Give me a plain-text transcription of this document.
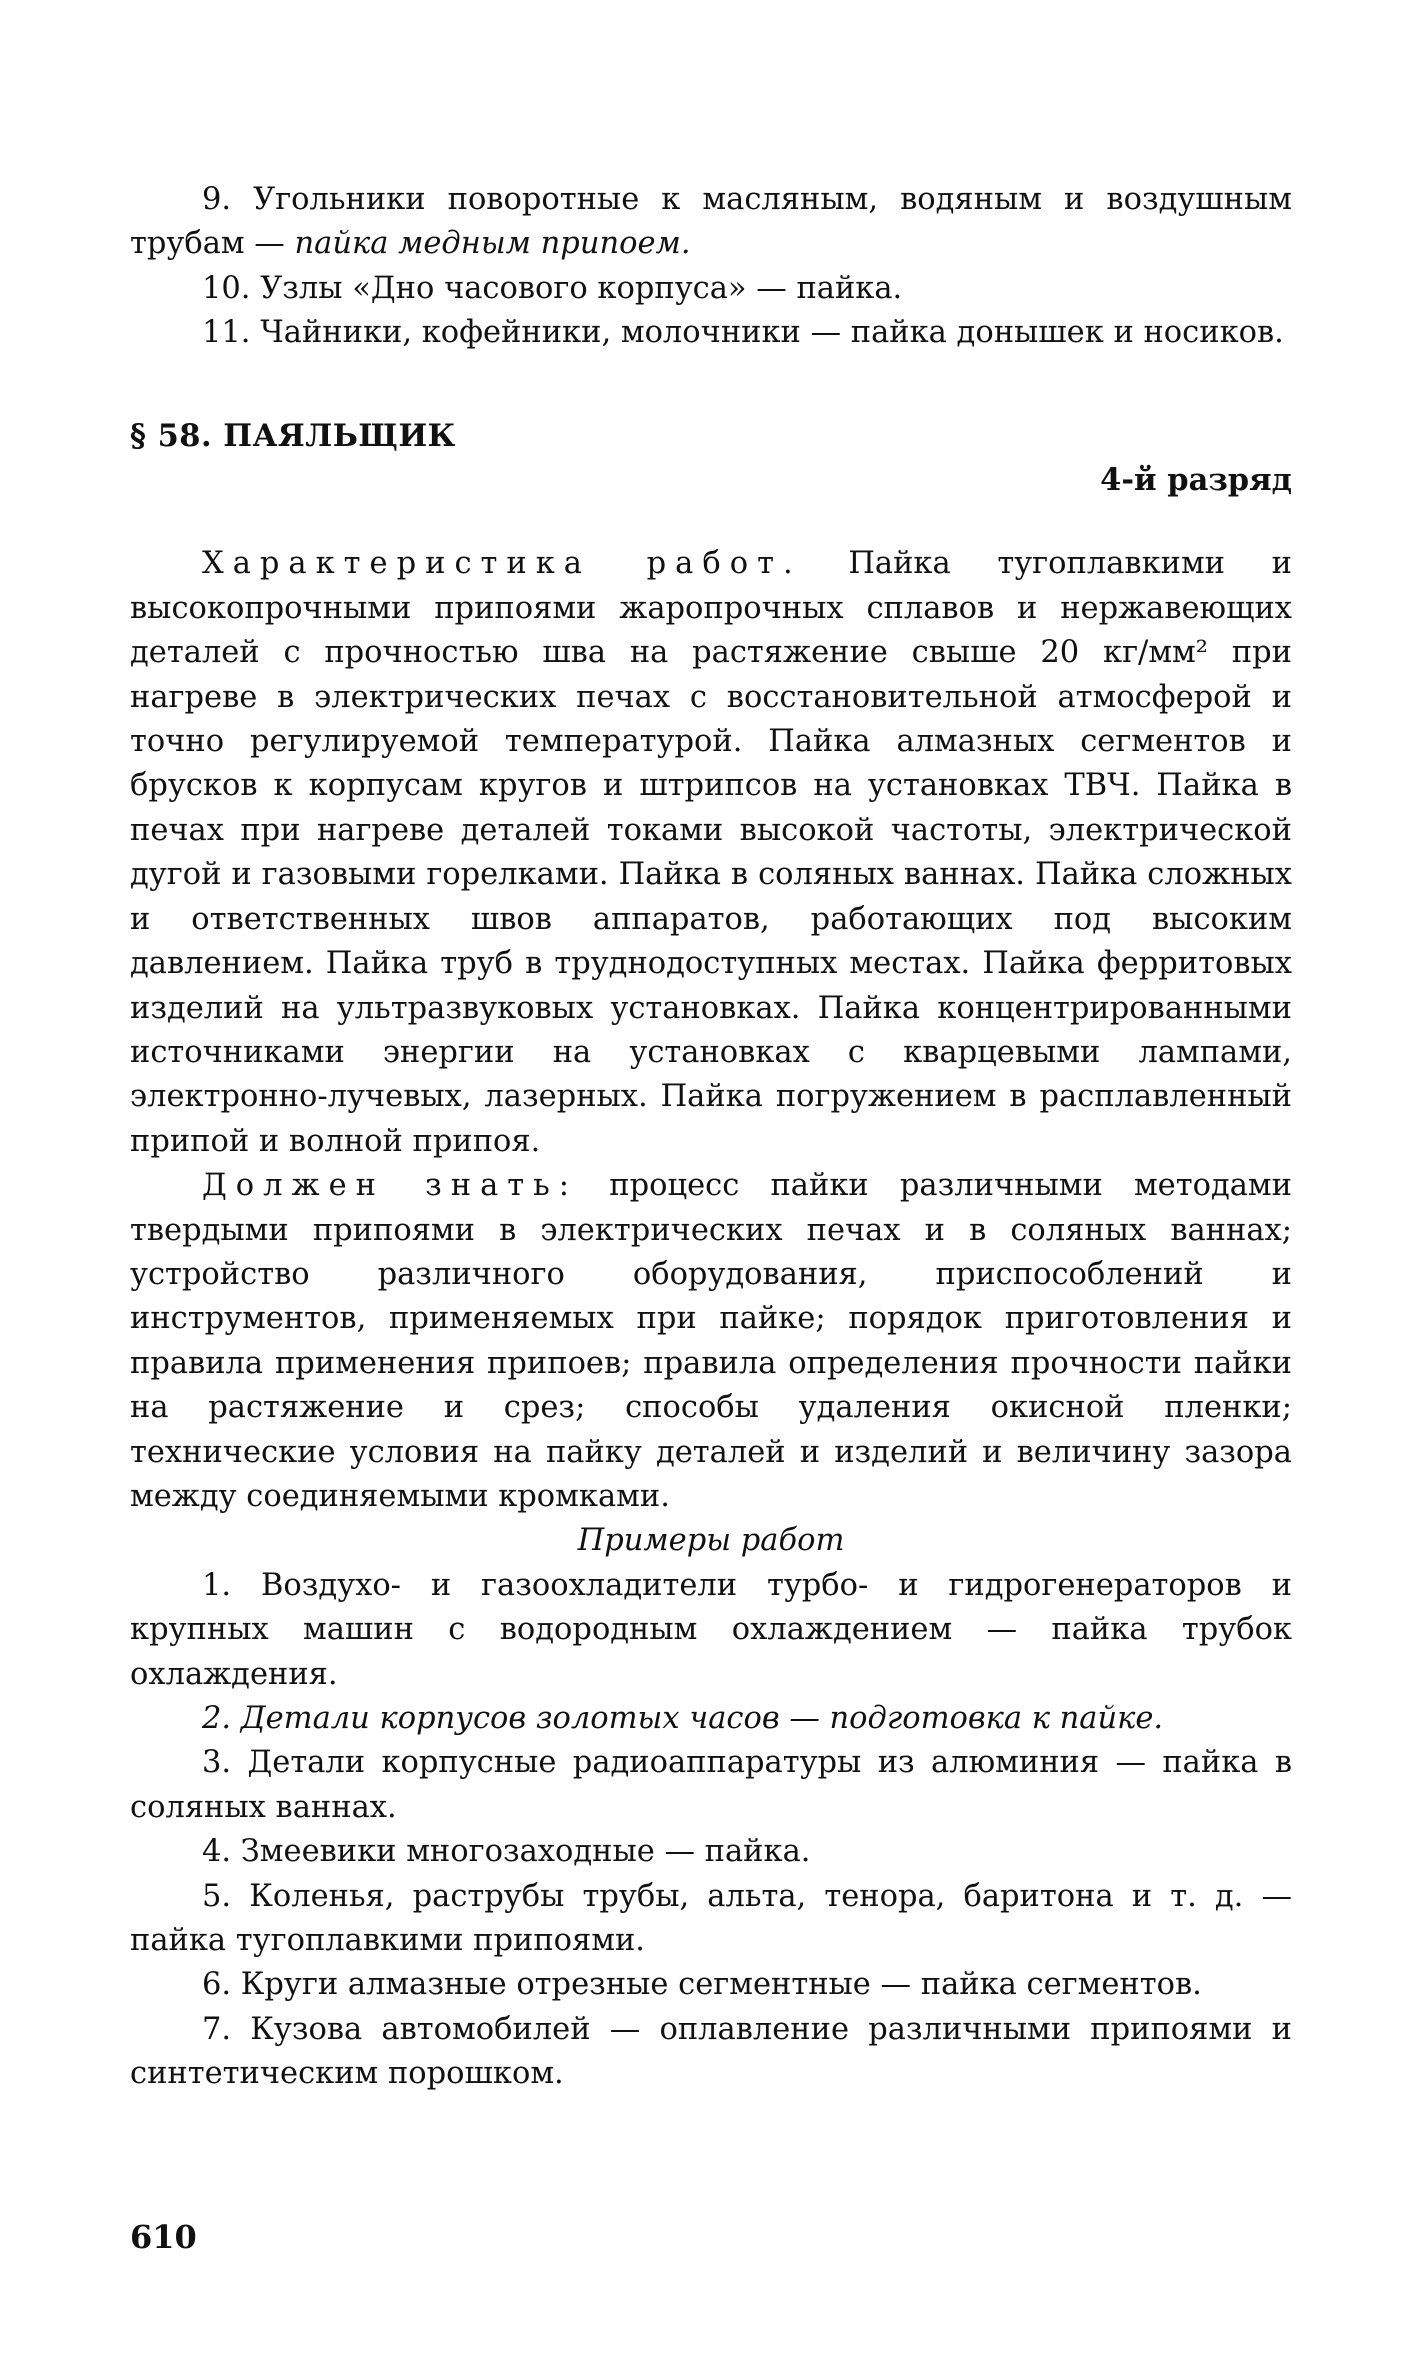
9. Угольники поворотные к масляным, водяным и воздушным трубам — пайка медным припоем.

10. Узлы «Дно часового корпуса» — пайка.

11. Чайники, кофейники, молочники — пайка донышек и носиков.

§ 58. ПАЯЛЬЩИК

4-й разряд

Характеристика работ. Пайка тугоплавкими и высокопрочными припоями жаропрочных сплавов и нержавеющих деталей с прочностью шва на растяжение свыше 20 кг/мм² при нагреве в электрических печах с восстановительной атмосферой и точно регулируемой температурой. Пайка алмазных сегментов и брусков к корпусам кругов и штрипсов на установках ТВЧ. Пайка в печах при нагреве деталей токами высокой частоты, электрической дугой и газовыми горелками. Пайка в соляных ваннах. Пайка сложных и ответственных швов аппаратов, работающих под высоким давлением. Пайка труб в труднодоступных местах. Пайка ферритовых изделий на ультразвуковых установках. Пайка концентрированными источниками энергии на установках с кварцевыми лампами, электронно-лучевых, лазерных. Пайка погружением в расплавленный припой и волной припоя.

Должен знать: процесс пайки различными методами твердыми припоями в электрических печах и в соляных ваннах; устройство различного оборудования, приспособлений и инструментов, применяемых при пайке; порядок приготовления и правила применения припоев; правила определения прочности пайки на растяжение и срез; способы удаления окисной пленки; технические условия на пайку деталей и изделий и величину зазора между соединяемыми кромками.

Примеры работ

1. Воздухо- и газоохладители турбо- и гидрогенераторов и крупных машин с водородным охлаждением — пайка трубок охлаждения.

2. Детали корпусов золотых часов — подготовка к пайке.

3. Детали корпусные радиоаппаратуры из алюминия — пайка в соляных ваннах.

4. Змеевики многозаходные — пайка.

5. Коленья, раструбы трубы, альта, тенора, баритона и т. д. — пайка тугоплавкими припоями.

6. Круги алмазные отрезные сегментные — пайка сегментов.

7. Кузова автомобилей — оплавление различными припоями и синтетическим порошком.

610
